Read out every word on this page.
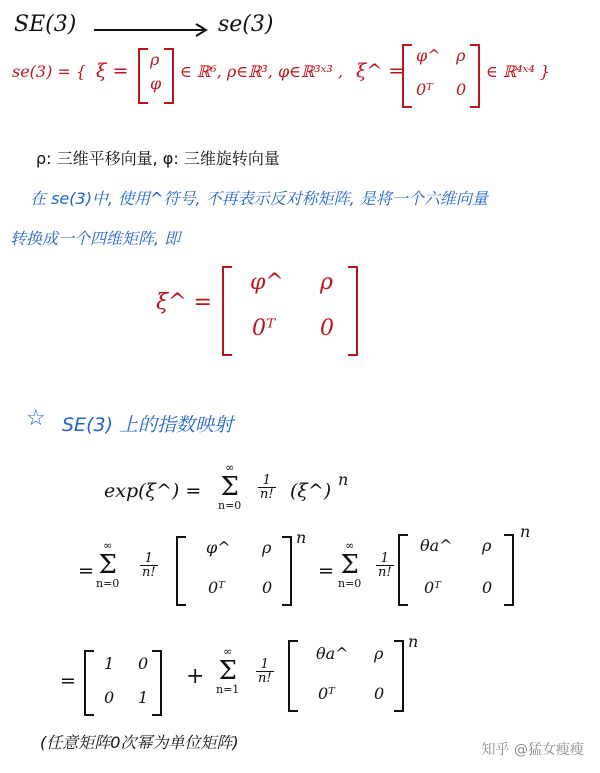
SE(3)	se(3)
se(3) = { ξ =
ρ
φ
∈ ℝ⁶, ρ∈ℝ³, φ∈ℝ³ˣ³ , ξ^ =
φ^ ρ
0ᵀ 0
∈ ℝ⁴ˣ⁴ }
ρ: 三维平移向量, φ: 三维旋转向量
在 se(3)中, 使用^符号, 不再表示反对称矩阵, 是将一个六维向量
转换成一个四维矩阵, 即
ξ^ =
φ^ ρ
0ᵀ 0
☆ SE(3) 上的指数映射
exp(ξ^) =
∞
Σ
n=0
$\frac{1}{n!}$ (ξ^)
n
=
∞
Σ
n=0
$\frac{1}{n!}$
φ^ ρ
0ᵀ 0
n
=
∞
Σ
n=0
$\frac{1}{n!}$
θa^ ρ
0ᵀ	0
n
=
1 0
0 1
+
∞
Σ
n=1
$\frac{1}{n!}$
θa^ ρ
0ᵀ 0
n
(任意矩阵0次幂为单位矩阵)	知乎 @猛女瘦瘦
